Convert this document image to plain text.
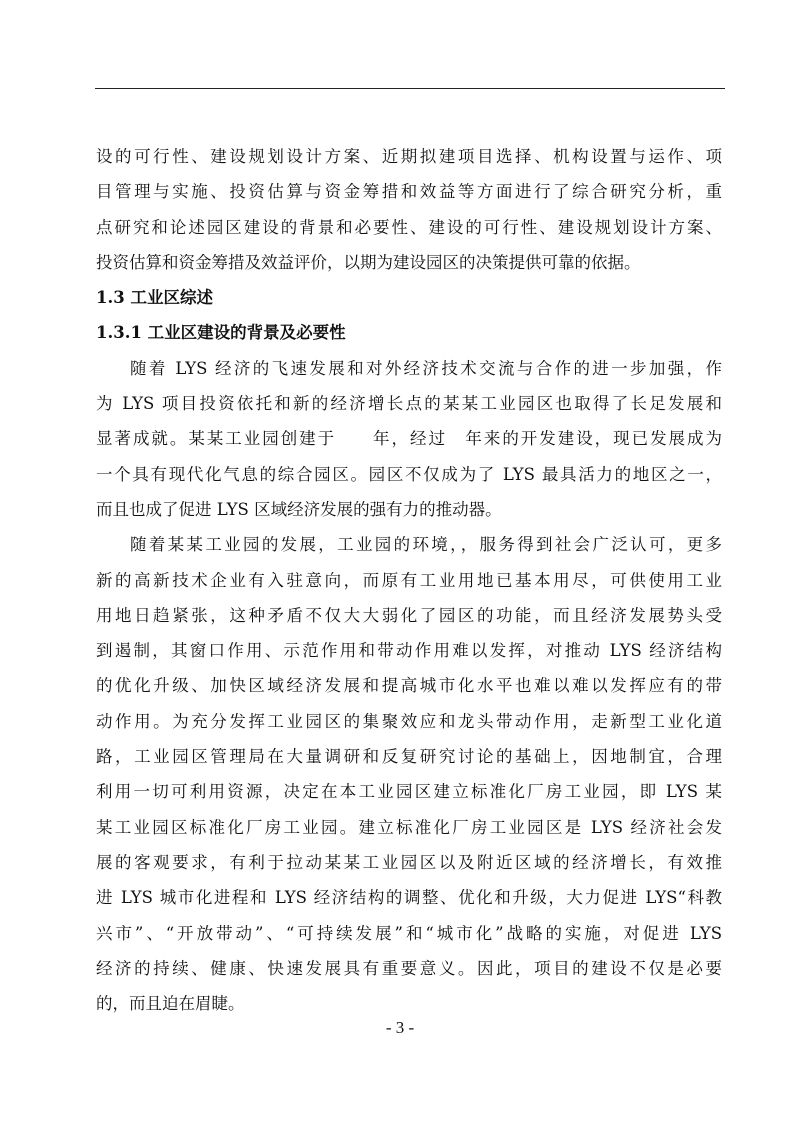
设的可行性、建设规划设计方案、近期拟建项目选择、机构设置与运作、项
目管理与实施、投资估算与资金筹措和效益等方面进行了综合研究分析，重
点研究和论述园区建设的背景和必要性、建设的可行性、建设规划设计方案、
投资估算和资金筹措及效益评价，以期为建设园区的决策提供可靠的依据。
1.3 工业区综述
1.3.1 工业区建设的背景及必要性
随着 LYS 经济的飞速发展和对外经济技术交流与合作的进一步加强，作
为 LYS 项目投资依托和新的经济增长点的某某工业园区也取得了长足发展和
显著成就。某某工业园创建于　　年，经过　年来的开发建设，现已发展成为
一个具有现代化气息的综合园区。园区不仅成为了 LYS 最具活力的地区之一，
而且也成了促进 LYS 区域经济发展的强有力的推动器。
随着某某工业园的发展，工业园的环境，，服务得到社会广泛认可，更多
新的高新技术企业有入驻意向，而原有工业用地已基本用尽，可供使用工业
用地日趋紧张，这种矛盾不仅大大弱化了园区的功能，而且经济发展势头受
到遏制，其窗口作用、示范作用和带动作用难以发挥，对推动 LYS 经济结构
的优化升级、加快区域经济发展和提高城市化水平也难以难以发挥应有的带
动作用。为充分发挥工业园区的集聚效应和龙头带动作用，走新型工业化道
路，工业园区管理局在大量调研和反复研究讨论的基础上，因地制宜，合理
利用一切可利用资源，决定在本工业园区建立标准化厂房工业园，即 LYS 某
某工业园区标准化厂房工业园。建立标准化厂房工业园区是 LYS 经济社会发
展的客观要求，有利于拉动某某工业园区以及附近区域的经济增长，有效推
进 LYS 城市化进程和 LYS 经济结构的调整、优化和升级，大力促进 LYS“科教
兴市”、“开放带动”、“可持续发展”和“城市化”战略的实施，对促进 LYS
经济的持续、健康、快速发展具有重要意义。因此，项目的建设不仅是必要
的，而且迫在眉睫。
- 3 -
